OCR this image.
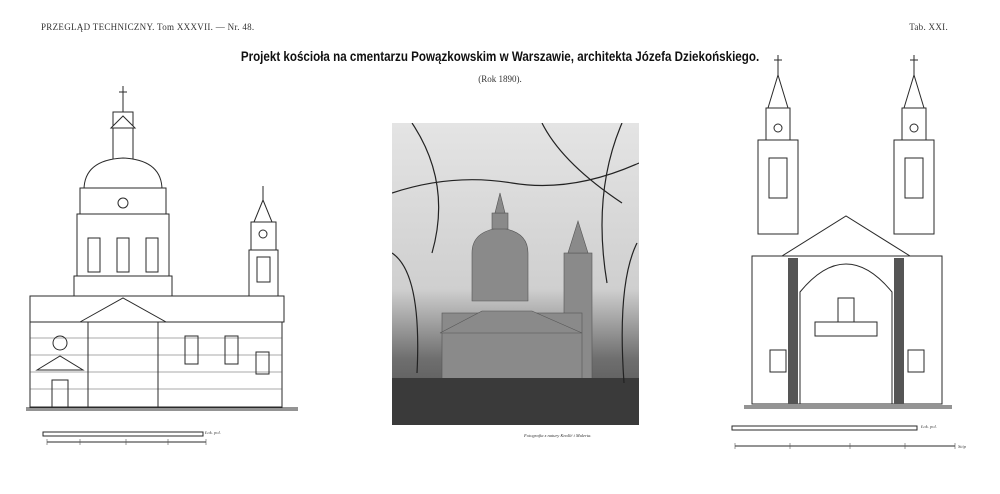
PRZEGLĄD TECHNICZNY. Tom XXXVII. — Nr. 48.	Tab. XXI.
Projekt kościoła na cmentarzu Powązkowskim w Warszawie, architekta Józefa Dziekońskiego.
(Rok 1890).
Łok. pol.
Fotografia z natury Knollé i Mulerta.
Łok. pol.
Stóp
